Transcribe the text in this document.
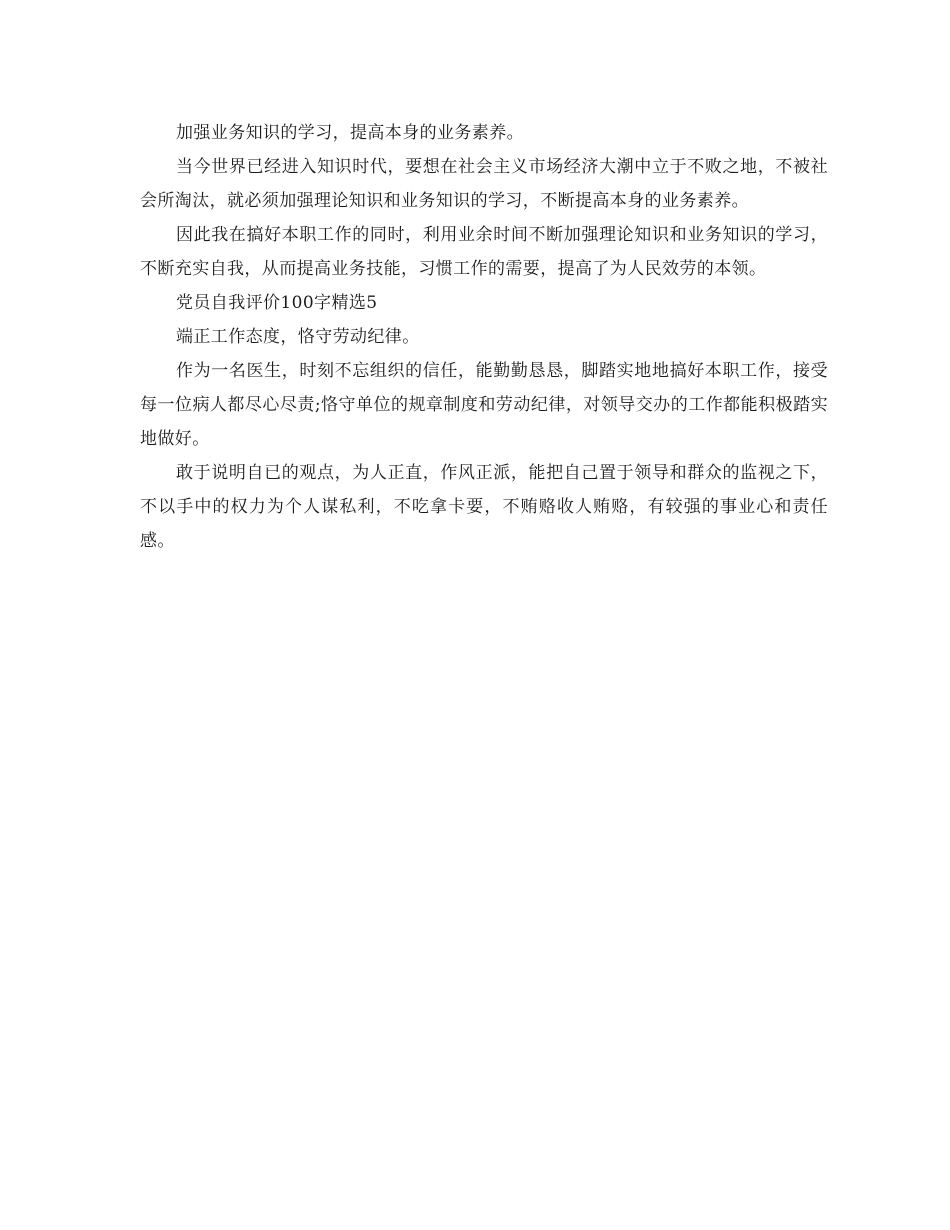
加强业务知识的学习，提高本身的业务素养。

当今世界已经进入知识时代，要想在社会主义市场经济大潮中立于不败之地，不被社会所淘汰，就必须加强理论知识和业务知识的学习，不断提高本身的业务素养。

因此我在搞好本职工作的同时，利用业余时间不断加强理论知识和业务知识的学习，不断充实自我，从而提高业务技能，习惯工作的需要，提高了为人民效劳的本领。

党员自我评价100字精选5

端正工作态度，恪守劳动纪律。

作为一名医生，时刻不忘组织的信任，能勤勤恳恳，脚踏实地地搞好本职工作，接受每一位病人都尽心尽责;恪守单位的规章制度和劳动纪律，对领导交办的工作都能积极踏实地做好。

敢于说明自已的观点，为人正直，作风正派，能把自己置于领导和群众的监视之下，不以手中的权力为个人谋私利，不吃拿卡要，不贿赂收人贿赂，有较强的事业心和责任感。
